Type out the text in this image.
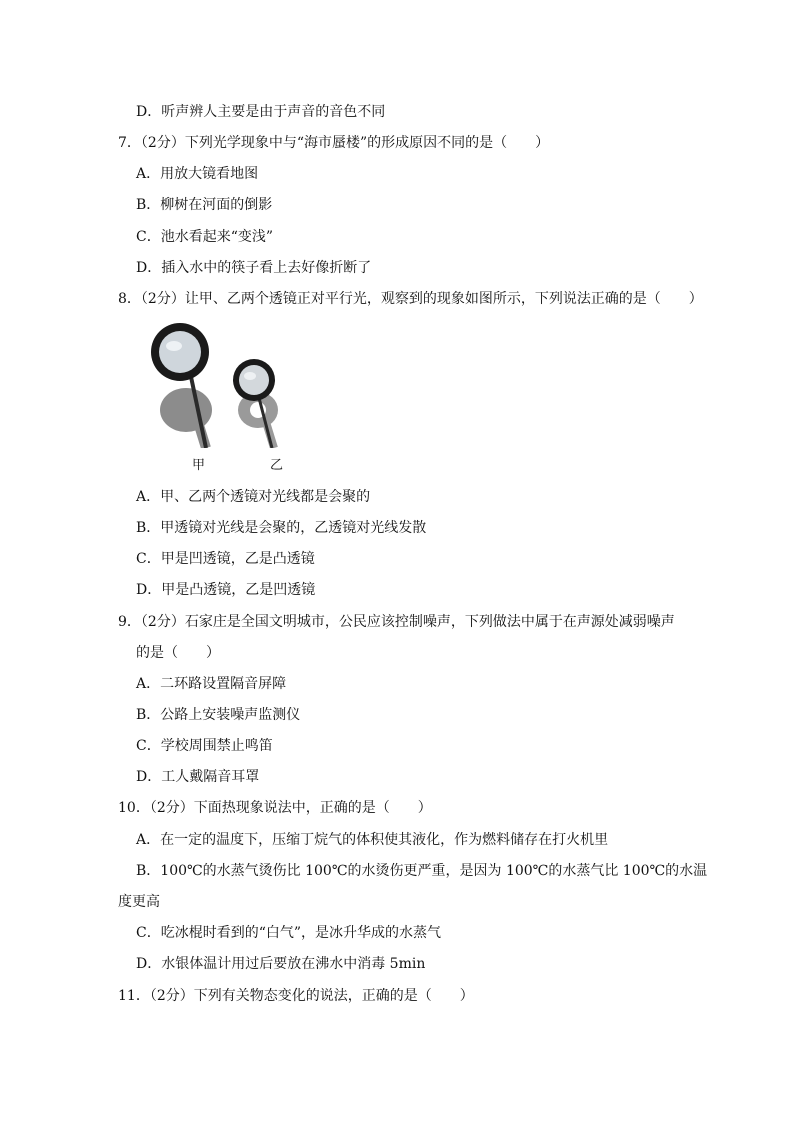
D．听声辨人主要是由于声音的音色不同
7．（2分）下列光学现象中与“海市蜃楼”的形成原因不同的是（　　）
A．用放大镜看地图
B．柳树在河面的倒影
C．池水看起来“变浅”
D．插入水中的筷子看上去好像折断了
8．（2分）让甲、乙两个透镜正对平行光，观察到的现象如图所示，下列说法正确的是（　　）
甲	乙
A．甲、乙两个透镜对光线都是会聚的
B．甲透镜对光线是会聚的，乙透镜对光线发散
C．甲是凹透镜，乙是凸透镜
D．甲是凸透镜，乙是凹透镜
9．（2分）石家庄是全国文明城市，公民应该控制噪声，下列做法中属于在声源处减弱噪声
的是（　　）
A．二环路设置隔音屏障
B．公路上安装噪声监测仪
C．学校周围禁止鸣笛
D．工人戴隔音耳罩
10．（2分）下面热现象说法中，正确的是（　　）
A．在一定的温度下，压缩丁烷气的体积使其液化，作为燃料储存在打火机里
B．100℃的水蒸气烫伤比 100℃的水烫伤更严重，是因为 100℃的水蒸气比 100℃的水温
度更高
C．吃冰棍时看到的“白气”，是冰升华成的水蒸气
D．水银体温计用过后要放在沸水中消毒 5min
11．（2分）下列有关物态变化的说法，正确的是（　　）
